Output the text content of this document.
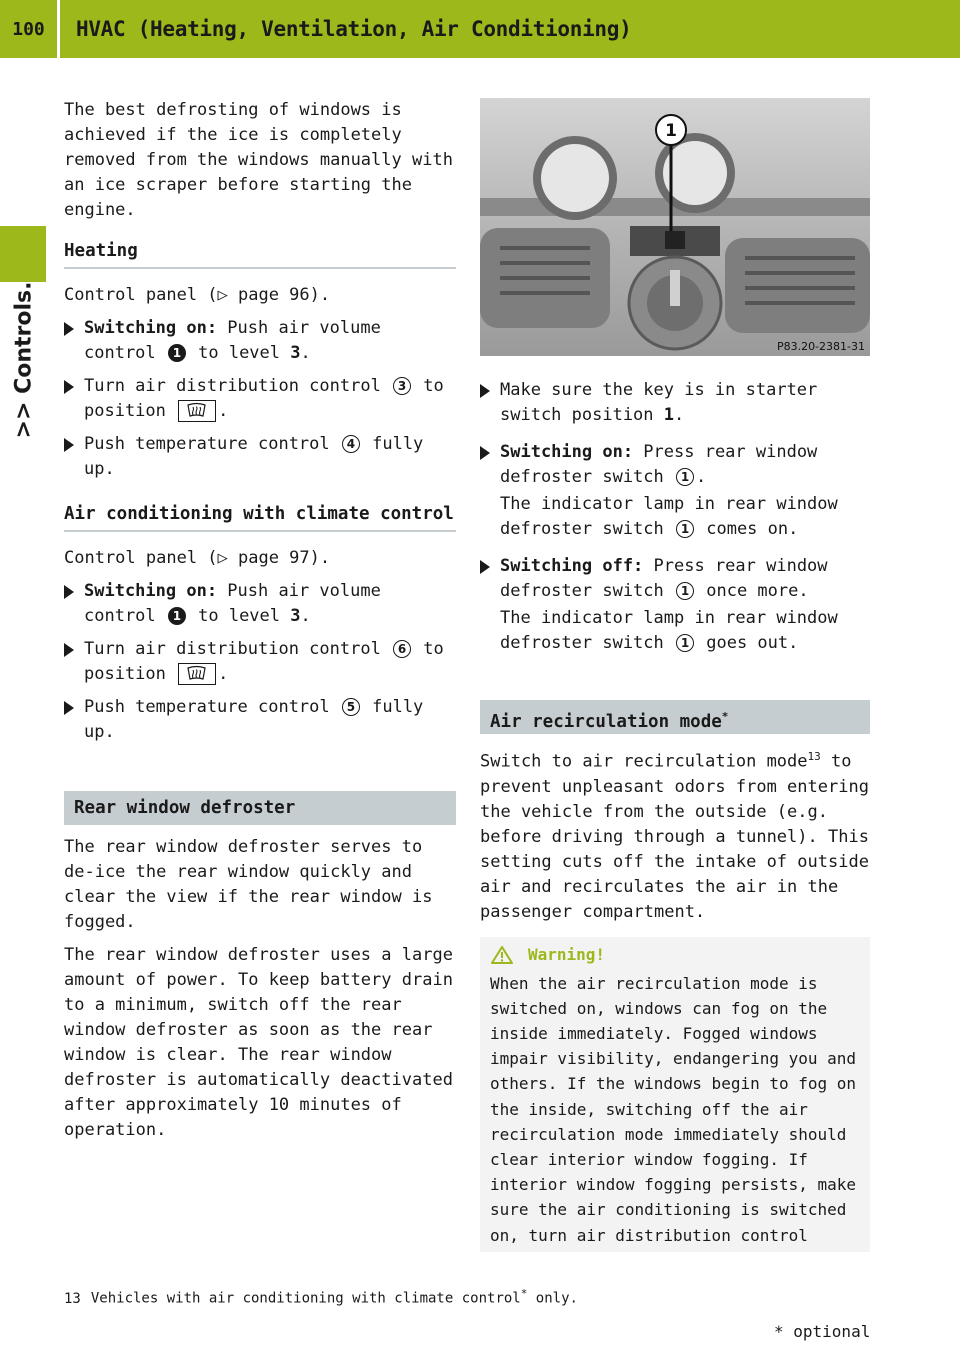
100	HVAC (Heating, Ventilation, Air Conditioning)
>> Controls.

The best defrosting of windows is achieved if the ice is completely removed from the windows manually with an ice scraper before starting the engine.

Heating

Control panel (▷ page 96).

Switching on: Push air volume control 1 to level 3.
Turn air distribution control 3 to position .
Push temperature control 4 fully up.
Air conditioning with climate control

Control panel (▷ page 97).

Switching on: Push air volume control 1 to level 3.
Turn air distribution control 6 to position .
Push temperature control 5 fully up.
Rear window defroster

The rear window defroster serves to de-ice the rear window quickly and clear the view if the rear window is fogged.

The rear window defroster uses a large amount of power. To keep battery drain to a minimum, switch off the rear window defroster as soon as the rear window is clear. The rear window defroster is automatically deactivated after approximately 10 minutes of operation.

1
P83.20-2381-31
Make sure the key is in starter switch position 1.
Switching on: Press rear window defroster switch 1 .
The indicator lamp in rear window defroster switch 1 comes on.
Switching off: Press rear window defroster switch 1 once more.
The indicator lamp in rear window defroster switch 1 goes out.
Air recirculation mode*

Switch to air recirculation mode$^{13}$ to prevent unpleasant odors from entering the vehicle from the outside (e.g. before driving through a tunnel). This setting cuts off the intake of outside air and recirculates the air in the passenger compartment.

Warning!

When the air recirculation mode is switched on, windows can fog on the inside immediately. Fogged windows impair visibility, endangering you and others. If the windows begin to fog on the inside, switching off the air recirculation mode immediately should clear interior window fogging. If interior window fogging persists, make sure the air conditioning is switched on, turn air distribution control

13 Vehicles with air conditioning with climate control* only.
* optional
